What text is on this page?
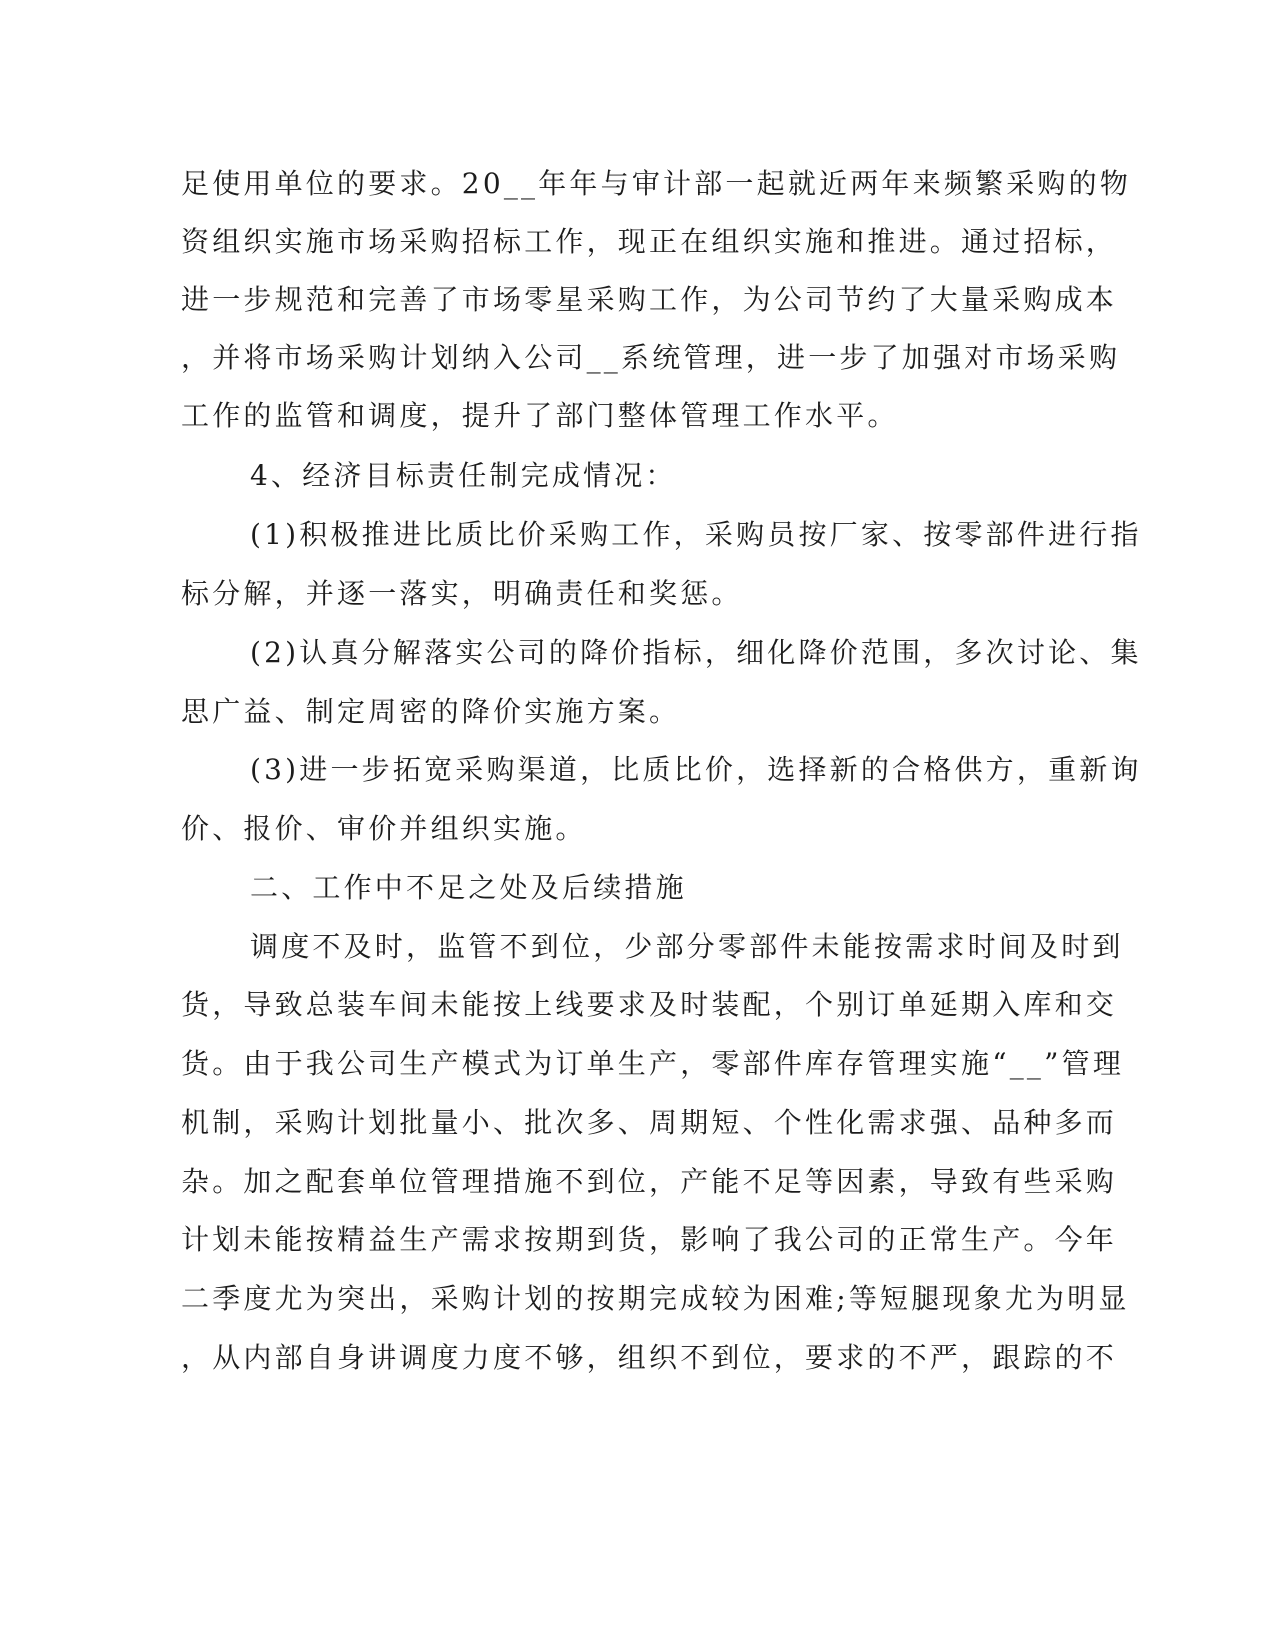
足使用单位的要求。20__年年与审计部一起就近两年来频繁采购的物
资组织实施市场采购招标工作，现正在组织实施和推进。通过招标，
进一步规范和完善了市场零星采购工作，为公司节约了大量采购成本
，并将市场采购计划纳入公司__系统管理，进一步了加强对市场采购
工作的监管和调度，提升了部门整体管理工作水平。
4、经济目标责任制完成情况：
(1)积极推进比质比价采购工作，采购员按厂家、按零部件进行指
标分解，并逐一落实，明确责任和奖惩。
(2)认真分解落实公司的降价指标，细化降价范围，多次讨论、集
思广益、制定周密的降价实施方案。
(3)进一步拓宽采购渠道，比质比价，选择新的合格供方，重新询
价、报价、审价并组织实施。
二、工作中不足之处及后续措施
调度不及时，监管不到位，少部分零部件未能按需求时间及时到
货，导致总装车间未能按上线要求及时装配，个别订单延期入库和交
货。由于我公司生产模式为订单生产，零部件库存管理实施“__”管理
机制，采购计划批量小、批次多、周期短、个性化需求强、品种多而
杂。加之配套单位管理措施不到位，产能不足等因素，导致有些采购
计划未能按精益生产需求按期到货，影响了我公司的正常生产。今年
二季度尤为突出，采购计划的按期完成较为困难;等短腿现象尤为明显
，从内部自身讲调度力度不够，组织不到位，要求的不严，跟踪的不
